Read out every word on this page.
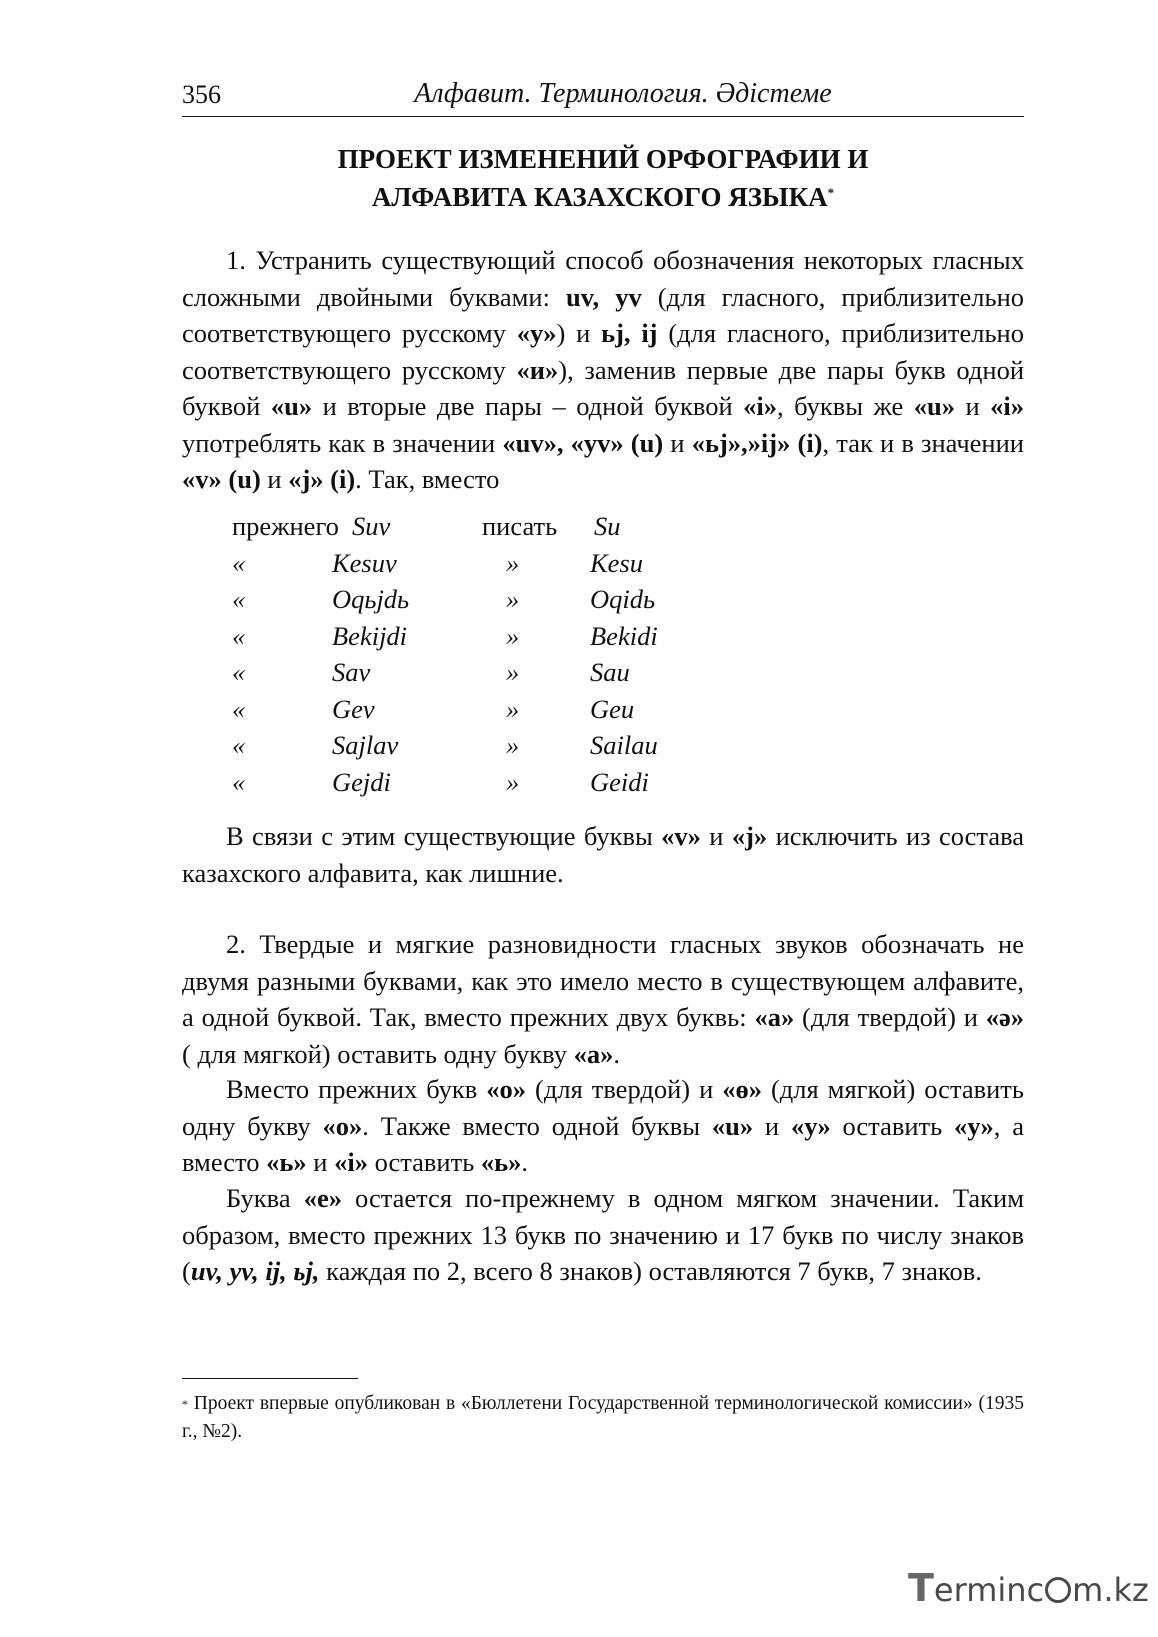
356	Алфавит. Терминология. Әдістеме
ПРОЕКТ ИЗМЕНЕНИЙ ОРФОГРАФИИ И
АЛФАВИТА КАЗАХСКОГО ЯЗЫКА*

1. Устранить существующий способ обозначения некоторых гласных сложными двойными буквами: uv, yv (для гласного, приблизительно соответствующего русскому «y») и ьj, ij (для гласного, приблизительно соответствующего русскому «и»), заменив первые две пары букв одной буквой «u» и вторые две пары – одной буквой «i», буквы же «u» и «i» употреблять как в значении «uv», «yv» (u) и «ьj»,»ij» (i), так и в значении «v» (u) и «j» (i). Так, вместо

прежнего Suv	писать Su
«	Kesuv	»	Kesu
«	Oqьjdь	»	Oqidь
«	Bekijdi	»	Bekidi
«	Sav	»	Sau
«	Gev	»	Geu
«	Sajlav	»	Sailau
«	Gejdi	»	Geidi

В связи с этим существующие буквы «v» и «j» исключить из состава казахского алфавита, как лишние.

2. Твердые и мягкие разновидности гласных звуков обозначать не двумя разными буквами, как это имело место в существующем алфавите, а одной буквой. Так, вместо прежних двух буквь: «a» (для твердой) и «ә» ( для мягкой) оставить одну букву «a».

Вместо прежних букв «o» (для твердой) и «ө» (для мягкой) оставить одну букву «o». Также вместо одной буквы «u» и «y» оставить «y», а вместо «ь» и «i» оставить «ь».

Буква «e» остается по-прежнему в одном мягком значении. Таким образом, вместо прежних 13 букв по значению и 17 букв по числу знаков (uv, yv, ij, ьj, каждая по 2, всего 8 знаков) оставляются 7 букв, 7 знаков.

* Проект впервые опубликован в «Бюллетени Государственной терминологической комиссии» (1935 г., №2).
Terminc m.kz
